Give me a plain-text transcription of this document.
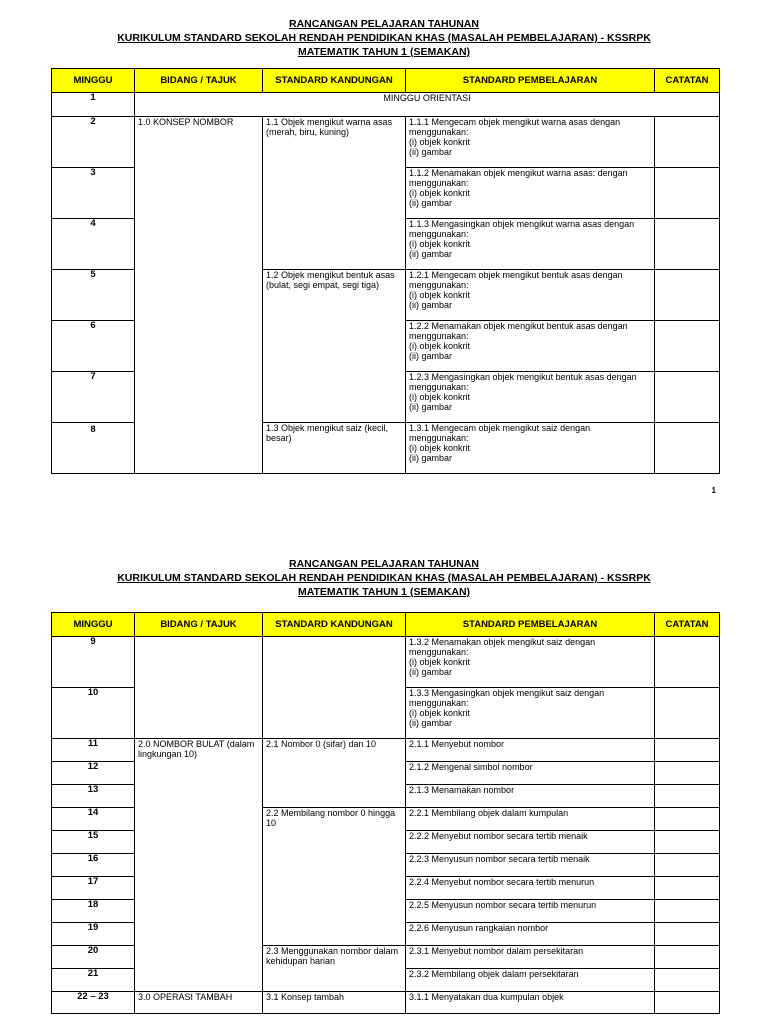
RANCANGAN PELAJARAN TAHUNAN
KURIKULUM STANDARD SEKOLAH RENDAH PENDIDIKAN KHAS (MASALAH PEMBELAJARAN) - KSSRPK
MATEMATIK TAHUN 1 (SEMAKAN)
MINGGU	BIDANG / TAJUK	STANDARD KANDUNGAN	STANDARD PEMBELAJARAN	CATATAN
1	MINGGU ORIENTASI			
2	1.0 KONSEP NOMBOR	1.1 Objek mengikut warna asas (merah, biru, kuning)	1.1.1 Mengecam objek mengikut warna asas dengan menggunakan:
(i) objek konkrit
(ii) gambar	

3			1.1.2 Menamakan objek mengikut warna asas: dengan menggunakan:
(i) objek konkrit
(ii) gambar	

4			1.1.3 Mengasingkan objek mengikut warna asas dengan menggunakan:
(i) objek konkrit
(ii) gambar	

5		1.2 Objek mengikut bentuk asas (bulat, segi empat, segi tiga)	1.2.1 Mengecam objek mengikut bentuk asas dengan menggunakan:
(i) objek konkrit
(ii) gambar	

6			1.2.2 Menamakan objek mengikut bentuk asas dengan menggunakan:
(i) objek konkrit
(ii) gambar	

7			1.2.3 Mengasingkan objek mengikut bentuk asas dengan menggunakan:
(i) objek konkrit
(ii) gambar	

8		1.3 Objek mengikut saiz (kecil, besar)	1.3.1 Mengecam objek mengikut saiz dengan menggunakan:
(i) objek konkrit
(ii) gambar	

1
RANCANGAN PELAJARAN TAHUNAN
KURIKULUM STANDARD SEKOLAH RENDAH PENDIDIKAN KHAS (MASALAH PEMBELAJARAN) - KSSRPK
MATEMATIK TAHUN 1 (SEMAKAN)
MINGGU	BIDANG / TAJUK	STANDARD KANDUNGAN	STANDARD PEMBELAJARAN	CATATAN
9			1.3.2 Menamakan objek mengikut saiz dengan menggunakan:
(i) objek konkrit
(ii) gambar	

10			1.3.3 Mengasingkan objek mengikut saiz dengan menggunakan:
(i) objek konkrit
(ii) gambar	

11	2.0 NOMBOR BULAT (dalam lingkungan 10)	2.1 Nombor 0 (sifar) dan 10	2.1.1 Menyebut nombor	
12			2.1.2 Mengenal simbol nombor	
13			2.1.3 Menamakan nombor	
14		2.2 Membilang nombor 0 hingga 10	2.2.1 Membilang objek dalam kumpulan	
15			2.2.2 Menyebut nombor secara tertib menaik	
16			2.2.3 Menyusun nombor secara tertib menaik	
17			2.2.4 Menyebut nombor secara tertib menurun	
18			2.2.5 Menyusun nombor secara tertib menurun	
19			2.2.6 Menyusun rangkaian nombor	
20		2.3 Menggunakan nombor dalam kehidupan harian	2.3.1 Menyebut nombor dalam persekitaran	
21			2.3.2 Membilang objek dalam persekitaran	
22 – 23	3.0 OPERASI TAMBAH	3.1 Konsep tambah	3.1.1 Menyatakan dua kumpulan objek	
